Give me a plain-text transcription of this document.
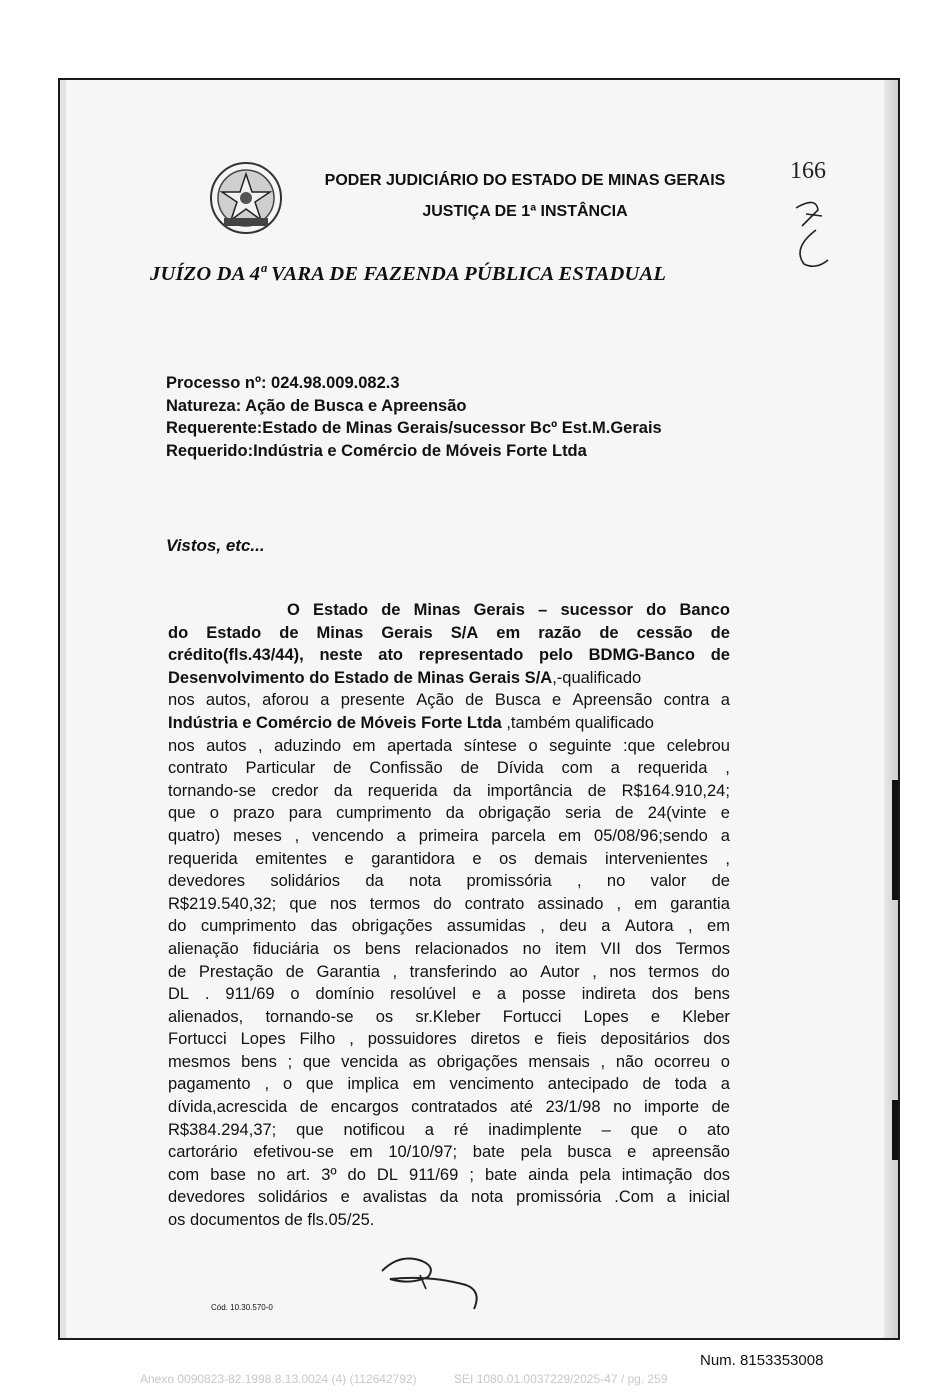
PODER JUDICIÁRIO DO ESTADO DE MINAS GERAIS
JUSTIÇA DE 1ª INSTÂNCIA
166
JUÍZO DA 4ª VARA DE FAZENDA PÚBLICA ESTADUAL
Processo nº: 024.98.009.082.3
Natureza: Ação de Busca e Apreensão
Requerente:Estado de Minas Gerais/sucessor Bcº Est.M.Gerais
Requerido:Indústria e Comércio de Móveis Forte Ltda
Vistos, etc...
O Estado de Minas Gerais – sucessor do Banco
do Estado de Minas Gerais S/A em razão de cessão de
crédito(fls.43/44), neste ato representado pelo BDMG-Banco de
Desenvolvimento do Estado de Minas Gerais S/A ,-qualificado
nos autos, aforou a presente Ação de Busca e Apreensão contra a
Indústria e Comércio de Móveis Forte Ltda ,também qualificado
nos autos , aduzindo em apertada síntese o seguinte :que celebrou
contrato Particular de Confissão de Dívida com a requerida ,
tornando-se credor da requerida da importância de R$164.910,24;
que o prazo para cumprimento da obrigação seria de 24(vinte e
quatro) meses , vencendo a primeira parcela em 05/08/96;sendo a
requerida emitentes e garantidora e os demais intervenientes ,
devedores solidários da nota promissória , no valor de
R$219.540,32; que nos termos do contrato assinado , em garantia
do cumprimento das obrigações assumidas , deu a Autora , em
alienação fiduciária os bens relacionados no item VII dos Termos
de Prestação de Garantia , transferindo ao Autor , nos termos do
DL . 911/69 o domínio resolúvel e a posse indireta dos bens
alienados, tornando-se os sr.Kleber Fortucci Lopes e Kleber
Fortucci Lopes Filho , possuidores diretos e fieis depositários dos
mesmos bens ; que vencida as obrigações mensais , não ocorreu o
pagamento , o que implica em vencimento antecipado de toda a
dívida,acrescida de encargos contratados até 23/1/98 no importe de
R$384.294,37; que notificou a ré inadimplente – que o ato
cartorário efetivou-se em 10/10/97; bate pela busca e apreensão
com base no art. 3º do DL 911/69 ; bate ainda pela intimação dos
devedores solidários e avalistas da nota promissória .Com a inicial
os documentos de fls.05/25.
Cód. 10.30.570-0
Num. 8153353008
Anexo 0090823-82.1998.8.13.0024 (4) (112642792)	SEI 1080.01.0037229/2025-47 / pg. 259
